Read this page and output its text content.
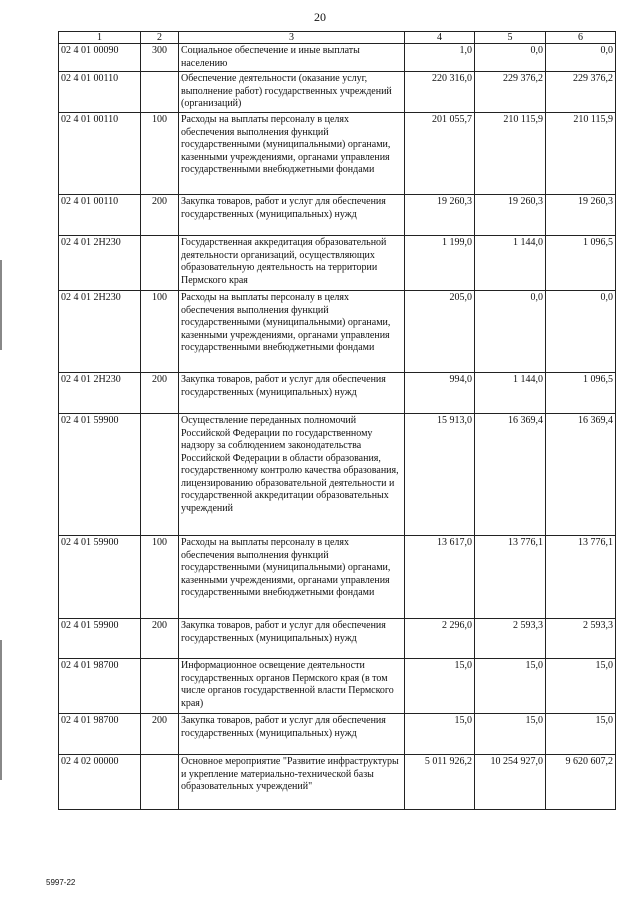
20
1	2	3	4	5	6
02 4 01 00090	300	Социальное обеспечение и иные выплаты населению	1,0	0,0	0,0
02 4 01 00110		Обеспечение деятельности (оказание услуг, выполнение работ) государственных учреждений (организаций)	220 316,0	229 376,2	229 376,2
02 4 01 00110	100	Расходы на выплаты персоналу в целях обеспечения выполнения функций государственными (муниципальными) органами, казенными учреждениями, органами управления государственными внебюджетными фондами	201 055,7	210 115,9	210 115,9
02 4 01 00110	200	Закупка товаров, работ и услуг для обеспечения государственных (муниципальных) нужд	19 260,3	19 260,3	19 260,3
02 4 01 2Н230		Государственная аккредитация образовательной деятельности организаций, осуществляющих образовательную деятельность на территории Пермского края	1 199,0	1 144,0	1 096,5
02 4 01 2Н230	100	Расходы на выплаты персоналу в целях обеспечения выполнения функций государственными (муниципальными) органами, казенными учреждениями, органами управления государственными внебюджетными фондами	205,0	0,0	0,0
02 4 01 2Н230	200	Закупка товаров, работ и услуг для обеспечения государственных (муниципальных) нужд	994,0	1 144,0	1 096,5
02 4 01 59900		Осуществление переданных полномочий Российской Федерации по государственному надзору за соблюдением законодательства Российской Федерации в области образования, государственному контролю качества образования, лицензированию образовательной деятельности и государственной аккредитации образовательных учреждений	15 913,0	16 369,4	16 369,4
02 4 01 59900	100	Расходы на выплаты персоналу в целях обеспечения выполнения функций государственными (муниципальными) органами, казенными учреждениями, органами управления государственными внебюджетными фондами	13 617,0	13 776,1	13 776,1
02 4 01 59900	200	Закупка товаров, работ и услуг для обеспечения государственных (муниципальных) нужд	2 296,0	2 593,3	2 593,3
02 4 01 98700		Информационное освещение деятельности государственных органов Пермского края (в том числе органов государственной власти Пермского края)	15,0	15,0	15,0
02 4 01 98700	200	Закупка товаров, работ и услуг для обеспечения государственных (муниципальных) нужд	15,0	15,0	15,0
02 4 02 00000		Основное мероприятие "Развитие инфраструктуры и укрепление материально-технической базы образовательных учреждений"	5 011 926,2	10 254 927,0	9 620 607,2
5997-22
